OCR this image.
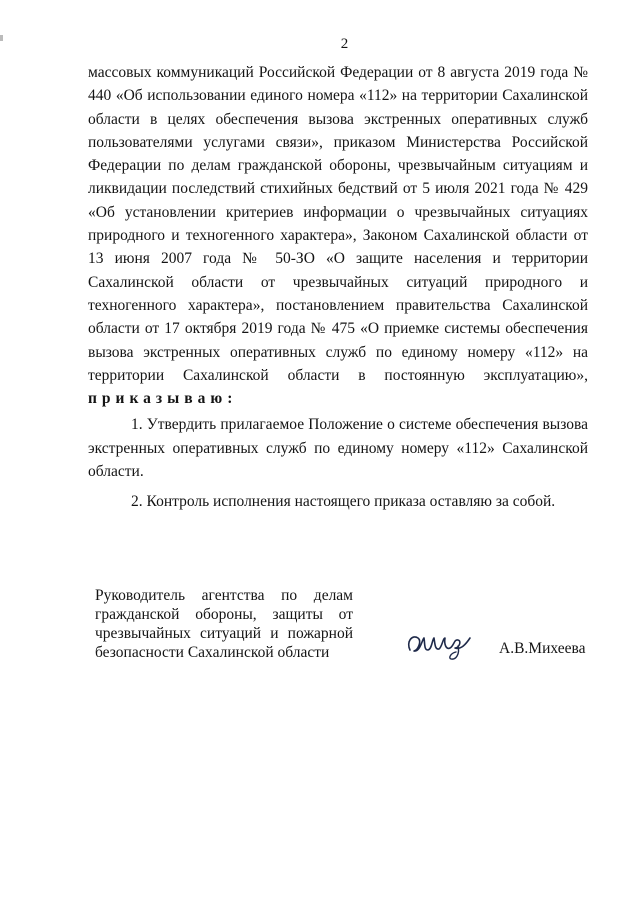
2

массовых коммуникаций Российской Федерации от 8 августа 2019 года № 440 «Об использовании единого номера «112» на территории Сахалинской области в целях обеспечения вызова экстренных оперативных служб пользователями услугами связи», приказом Министерства Российской Федерации по делам гражданской обороны, чрезвычайным ситуациям и ликвидации последствий стихийных бедствий от 5 июля 2021 года № 429 «Об установлении критериев информации о чрезвычайных ситуациях природного и техногенного характера», Законом Сахалинской области от 13 июня 2007 года № 50-ЗО «О защите населения и территории Сахалинской области от чрезвычайных ситуаций природного и техногенного характера», постановлением правительства Сахалинской области от 17 октября 2019 года № 475 «О приемке системы обеспечения вызова экстренных оперативных служб по единому номеру «112» на территории Сахалинской области в постоянную эксплуатацию», приказываю:

1. Утвердить прилагаемое Положение о системе обеспечения вызова экстренных оперативных служб по единому номеру «112» Сахалинской области.

2. Контроль исполнения настоящего приказа оставляю за собой.

Руководитель агентства по делам
гражданской обороны, защиты от
чрезвычайных ситуаций и пожарной
безопасности Сахалинской области	А.В.Михеева
